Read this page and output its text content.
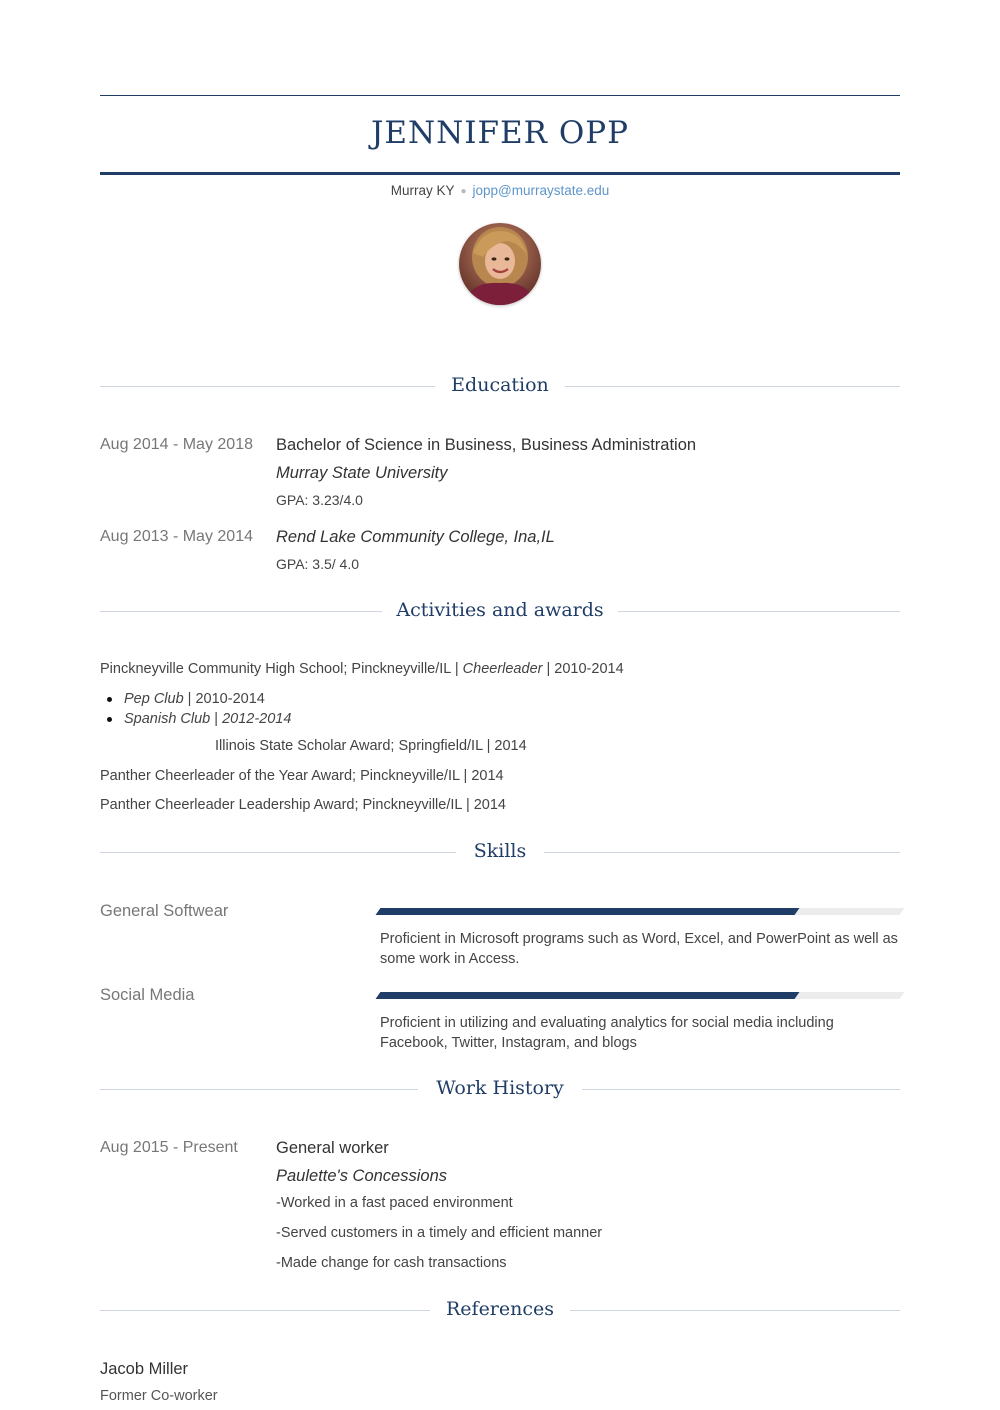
JENNIFER OPP
Murray KY ● jopp@murraystate.edu
Education
Aug 2014 - May 2018 Bachelor of Science in Business, Business Administration
Murray State University
GPA: 3.23/4.0
Aug 2013 - May 2014 Rend Lake Community College, Ina,IL
GPA: 3.5/ 4.0
Activities and awards
Pinckneyville Community High School; Pinckneyville/IL | Cheerleader | 2010-2014
Pep Club | 2010-2014
Spanish Club | 2012-2014
Illinois State Scholar Award; Springfield/IL | 2014
Panther Cheerleader of the Year Award; Pinckneyville/IL | 2014
Panther Cheerleader Leadership Award; Pinckneyville/IL | 2014
Skills
General Softwear
Proficient in Microsoft programs such as Word, Excel, and PowerPoint as well as some work in Access.
Social Media
Proficient in utilizing and evaluating analytics for social media including Facebook, Twitter, Instagram, and blogs
Work History
Aug 2015 - Present General worker
Paulette's Concessions
-Worked in a fast paced environment
-Served customers in a timely and efficient manner
-Made change for cash transactions
References
Jacob Miller
Former Co-worker
